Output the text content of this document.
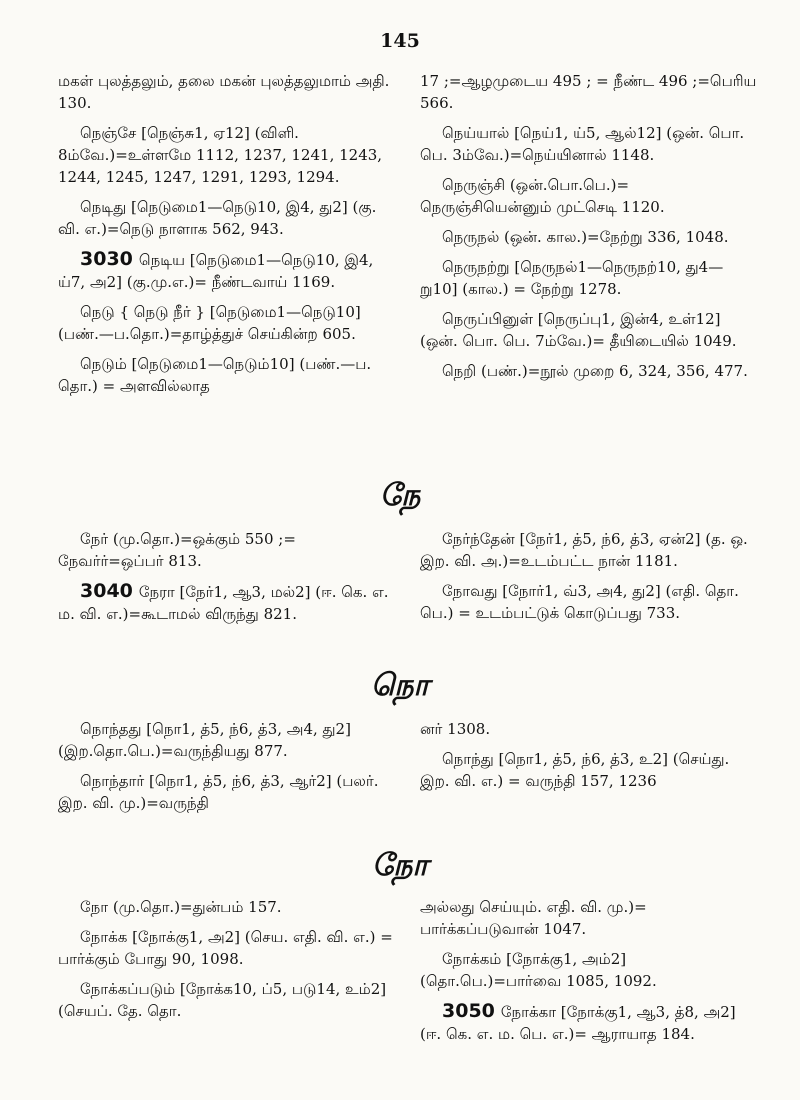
145

மகள் புலத்தலும், தலை மகன் புலத்தலுமாம் அதி. 130.

நெஞ்சே [நெஞ்சு1, ஏ12] (விளி. 8ம்வே.)=உள்ளமே 1112, 1237, 1241, 1243, 1244, 1245, 1247, 1291, 1293, 1294.

நெடிது [நெடுமை1—நெடு10, இ4, து2] (கு. வி. எ.)=நெடு நாளாக 562, 943.

3030 நெடிய [நெடுமை1—நெடு10, இ4, ய்7, அ2] (கு.மு.எ.)= நீண்டவாய் 1169.

நெடு { நெடு நீர் } [நெடுமை1—நெடு10] (பண்.—ப.தொ.)=தாழ்த்துச் செய்கின்ற 605.

நெடும் [நெடுமை1—நெடும்10] (பண்.—ப. தொ.) = அளவில்லாத

17 ;=ஆழமுடைய 495 ; = நீண்ட 496 ;=பெரிய 566.

நெய்யால் [நெய்1, ய்5, ஆல்12] (ஒன். பொ. பெ. 3ம்வே.)=நெய்யினால் 1148.

நெருஞ்சி (ஒன்.பொ.பெ.)= நெருஞ்சியென்னும் முட்செடி 1120.

நெருநல் (ஒன். கால.)=நேற்று 336, 1048.

நெருநற்று [நெருநல்1—நெருநற்10, து4—று10] (கால.) = நேற்று 1278.

நெருப்பினுள் [நெருப்பு1, இன்4, உள்12] (ஒன். பொ. பெ. 7ம்வே.)= தீயிடையில் 1049.

நெறி (பண்.)=நூல் முறை 6, 324, 356, 477.

நே

நேர் (மு.தொ.)=ஒக்கும் 550 ;= நேவர்ர்=ஒப்பர் 813.

3040 நேரா [நேர்1, ஆ3, மல்2] (ஈ. கெ. எ. ம. வி. எ.)=கூடாமல் விருந்து 821.

நேர்ந்தேன் [நேர்1, த்5, ந்6, த்3, ஏன்2] (த. ஒ. இற. வி. அ.)=உடம்பட்ட நான் 1181.

நோவது [நோர்1, வ்3, அ4, து2] (எதி. தொ. பெ.) = உடம்பட்டுக் கொடுப்பது 733.

நொ

நொந்தது [நொ1, த்5, ந்6, த்3, அ4, து2] (இற.தொ.பெ.)=வருந்தியது 877.

நொந்தார் [நொ1, த்5, ந்6, த்3, ஆர்2] (பலர். இற. வி. மு.)=வருந்தி

னர் 1308.

நொந்து [நொ1, த்5, ந்6, த்3, உ2] (செய்து. இற. வி. எ.) = வருந்தி 157, 1236

நோ

நோ (மு.தொ.)=துன்பம் 157.

நோக்க [நோக்கு1, அ2] (செய. எதி. வி. எ.) = பார்க்கும் போது 90, 1098.

நோக்கப்படும் [நோக்க10, ப்5, படு14, உம்2] (செயப். தே. தொ.

அல்லது செய்யும். எதி. வி. மு.)= பார்க்கப்படுவான் 1047.

நோக்கம் [நோக்கு1, அம்2] (தொ.பெ.)=பார்வை 1085, 1092.

3050 நோக்கா [நோக்கு1, ஆ3, த்8, அ2] (ஈ. கெ. எ. ம. பெ. எ.)= ஆராயாத 184.
